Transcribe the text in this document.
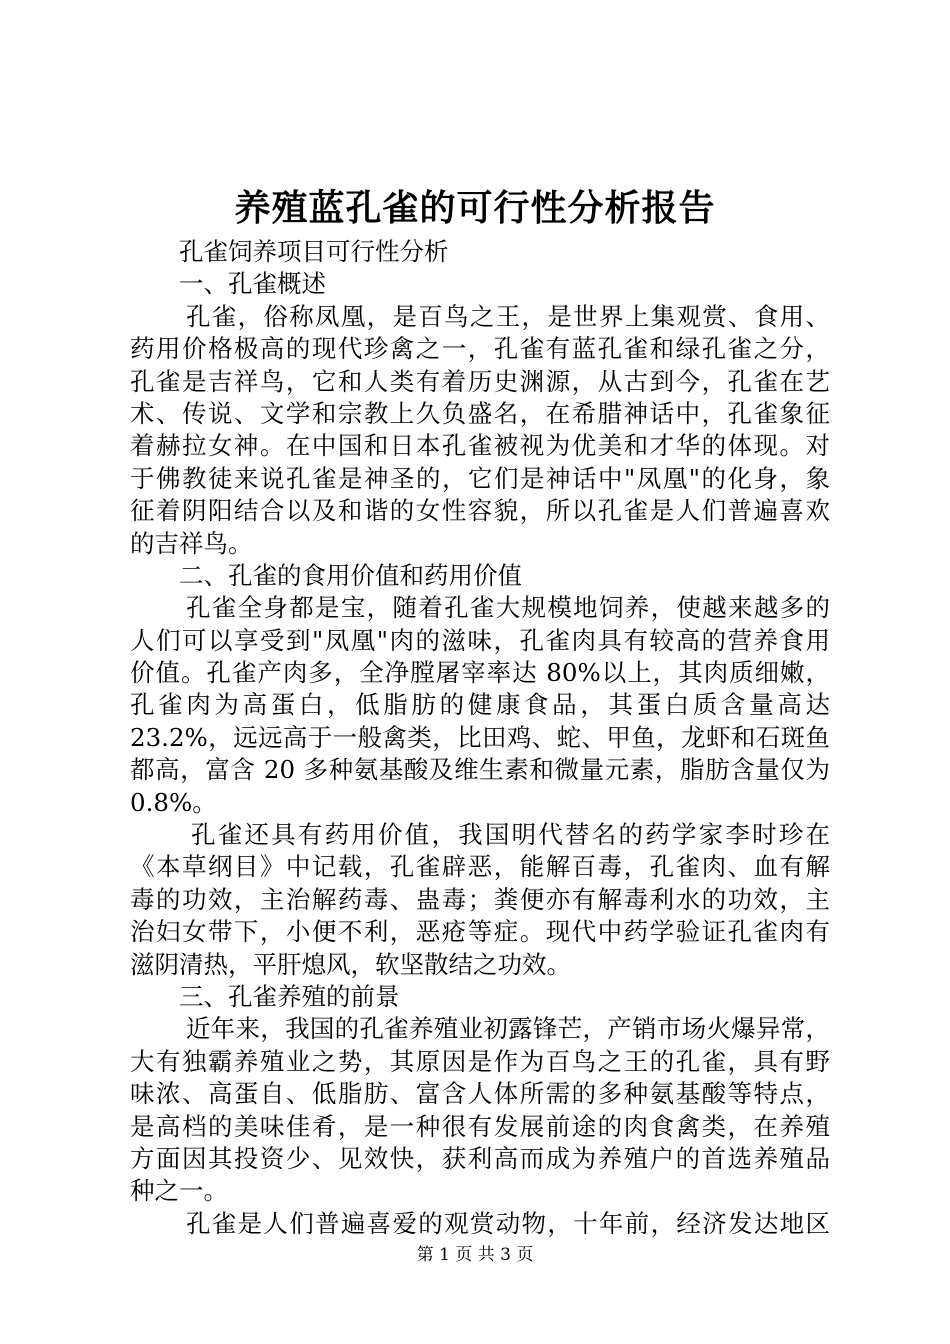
养殖蓝孔雀的可行性分析报告
孔雀饲养项目可行性分析
一、孔雀概述
孔雀，俗称凤凰，是百鸟之王，是世界上集观赏、食用、
药用价格极高的现代珍禽之一，孔雀有蓝孔雀和绿孔雀之分，
孔雀是吉祥鸟，它和人类有着历史渊源，从古到今，孔雀在艺
术、传说、文学和宗教上久负盛名，在希腊神话中，孔雀象征
着赫拉女神。在中国和日本孔雀被视为优美和才华的体现。对
于佛教徒来说孔雀是神圣的，它们是神话中"凤凰"的化身，象
征着阴阳结合以及和谐的女性容貌，所以孔雀是人们普遍喜欢
的吉祥鸟。
二、孔雀的食用价值和药用价值
孔雀全身都是宝，随着孔雀大规模地饲养，使越来越多的
人们可以享受到"凤凰"肉的滋味，孔雀肉具有较高的营养食用
价值。孔雀产肉多，全净膛屠宰率达 80%以上，其肉质细嫩，
孔雀肉为高蛋白，低脂肪的健康食品，其蛋白质含量高达
23.2%，远远高于一般禽类，比田鸡、蛇、甲鱼，龙虾和石斑鱼
都高，富含 20 多种氨基酸及维生素和微量元素，脂肪含量仅为
0.8%。
孔雀还具有药用价值，我国明代替名的药学家李时珍在
《本草纲目》中记载，孔雀辟恶，能解百毒，孔雀肉、血有解
毒的功效，主治解药毒、蛊毒；粪便亦有解毒利水的功效，主
治妇女带下，小便不利，恶疮等症。现代中药学验证孔雀肉有
滋阴清热，平肝熄风，软坚散结之功效。
三、孔雀养殖的前景
近年来，我国的孔雀养殖业初露锋芒，产销市场火爆异常，
大有独霸养殖业之势，其原因是作为百鸟之王的孔雀，具有野
味浓、高蛋自、低脂肪、富含人体所需的多种氨基酸等特点，
是高档的美味佳肴，是一种很有发展前途的肉食禽类，在养殖
方面因其投资少、见效快，获利高而成为养殖户的首选养殖品
种之一。
孔雀是人们普遍喜爱的观赏动物，十年前，经济发达地区
第 1 页 共 3 页
